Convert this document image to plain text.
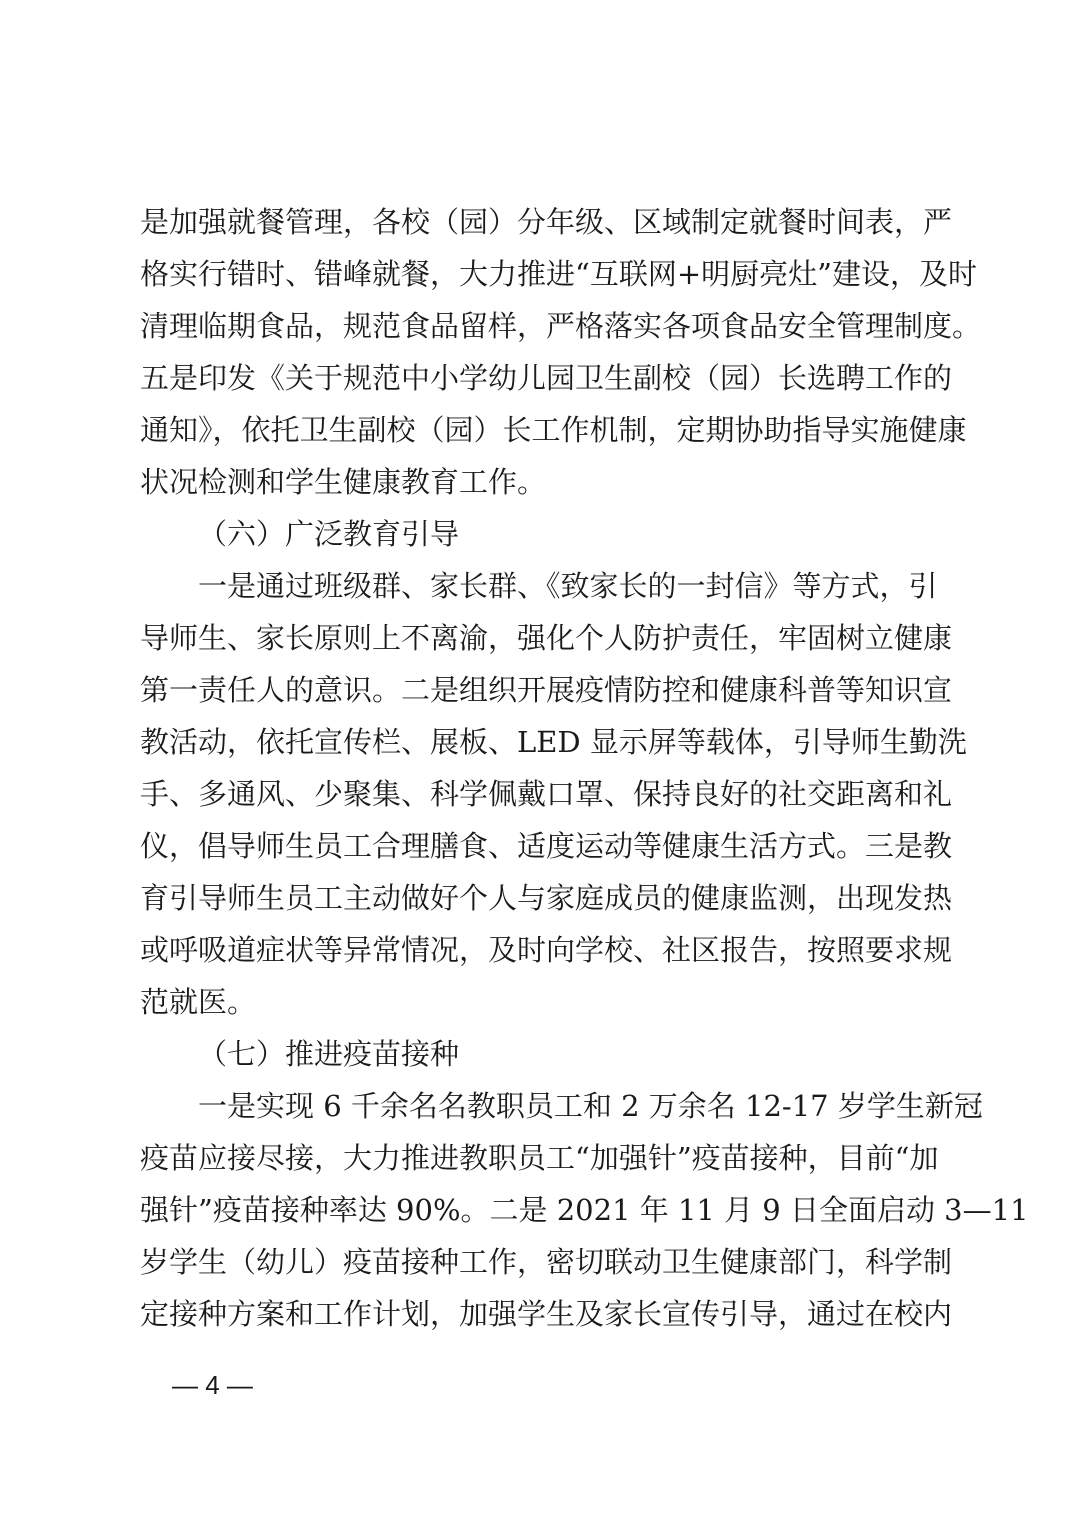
是加强就餐管理，各校（园）分年级、区域制定就餐时间表，严
格实行错时、错峰就餐，大力推进“互联网+明厨亮灶”建设，及时
清理临期食品，规范食品留样，严格落实各项食品安全管理制度。
五是印发《关于规范中小学幼儿园卫生副校（园）长选聘工作的
通知》，依托卫生副校（园）长工作机制，定期协助指导实施健康
状况检测和学生健康教育工作。
（六）广泛教育引导
一是通过班级群、家长群、《致家长的一封信》等方式，引
导师生、家长原则上不离渝，强化个人防护责任，牢固树立健康
第一责任人的意识。二是组织开展疫情防控和健康科普等知识宣
教活动，依托宣传栏、展板、LED 显示屏等载体，引导师生勤洗
手、多通风、少聚集、科学佩戴口罩、保持良好的社交距离和礼
仪，倡导师生员工合理膳食、适度运动等健康生活方式。三是教
育引导师生员工主动做好个人与家庭成员的健康监测，出现发热
或呼吸道症状等异常情况，及时向学校、社区报告，按照要求规
范就医。
（七）推进疫苗接种
一是实现 6 千余名名教职员工和 2 万余名 12-17 岁学生新冠
疫苗应接尽接，大力推进教职员工“加强针”疫苗接种，目前“加
强针”疫苗接种率达 90%。二是 2021 年 11 月 9 日全面启动 3—11
岁学生（幼儿）疫苗接种工作，密切联动卫生健康部门，科学制
定接种方案和工作计划，加强学生及家长宣传引导，通过在校内
— 4 —
